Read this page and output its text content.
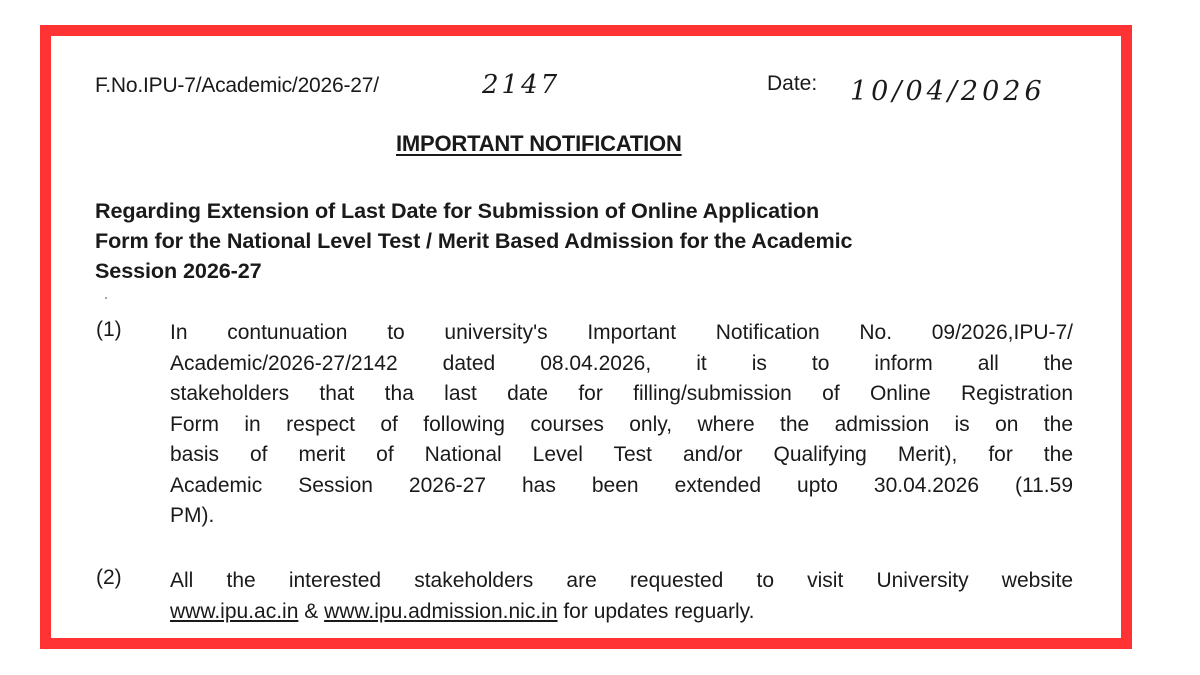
F.No.IPU-7/Academic/2026-27/	2147	Date: 10/04/2026
IMPORTANT NOTIFICATION
Regarding Extension of Last Date for Submission of Online Application
Form for the National Level Test / Merit Based Admission for the Academic
Session 2026-27
(1) In contunuation to university's Important Notification No. 09/2026,IPU-7/
Academic/2026-27/2142 dated 08.04.2026, it is to inform all the
stakeholders that tha last date for filling/submission of Online Registration
Form in respect of following courses only, where the admission is on the
basis of merit of National Level Test and/or Qualifying Merit), for the
Academic Session 2026-27 has been extended upto 30.04.2026 (11.59
PM).
(2) All the interested stakeholders are requested to visit University website
www.ipu.ac.in & www.ipu.admission.nic.in for updates reguarly.
